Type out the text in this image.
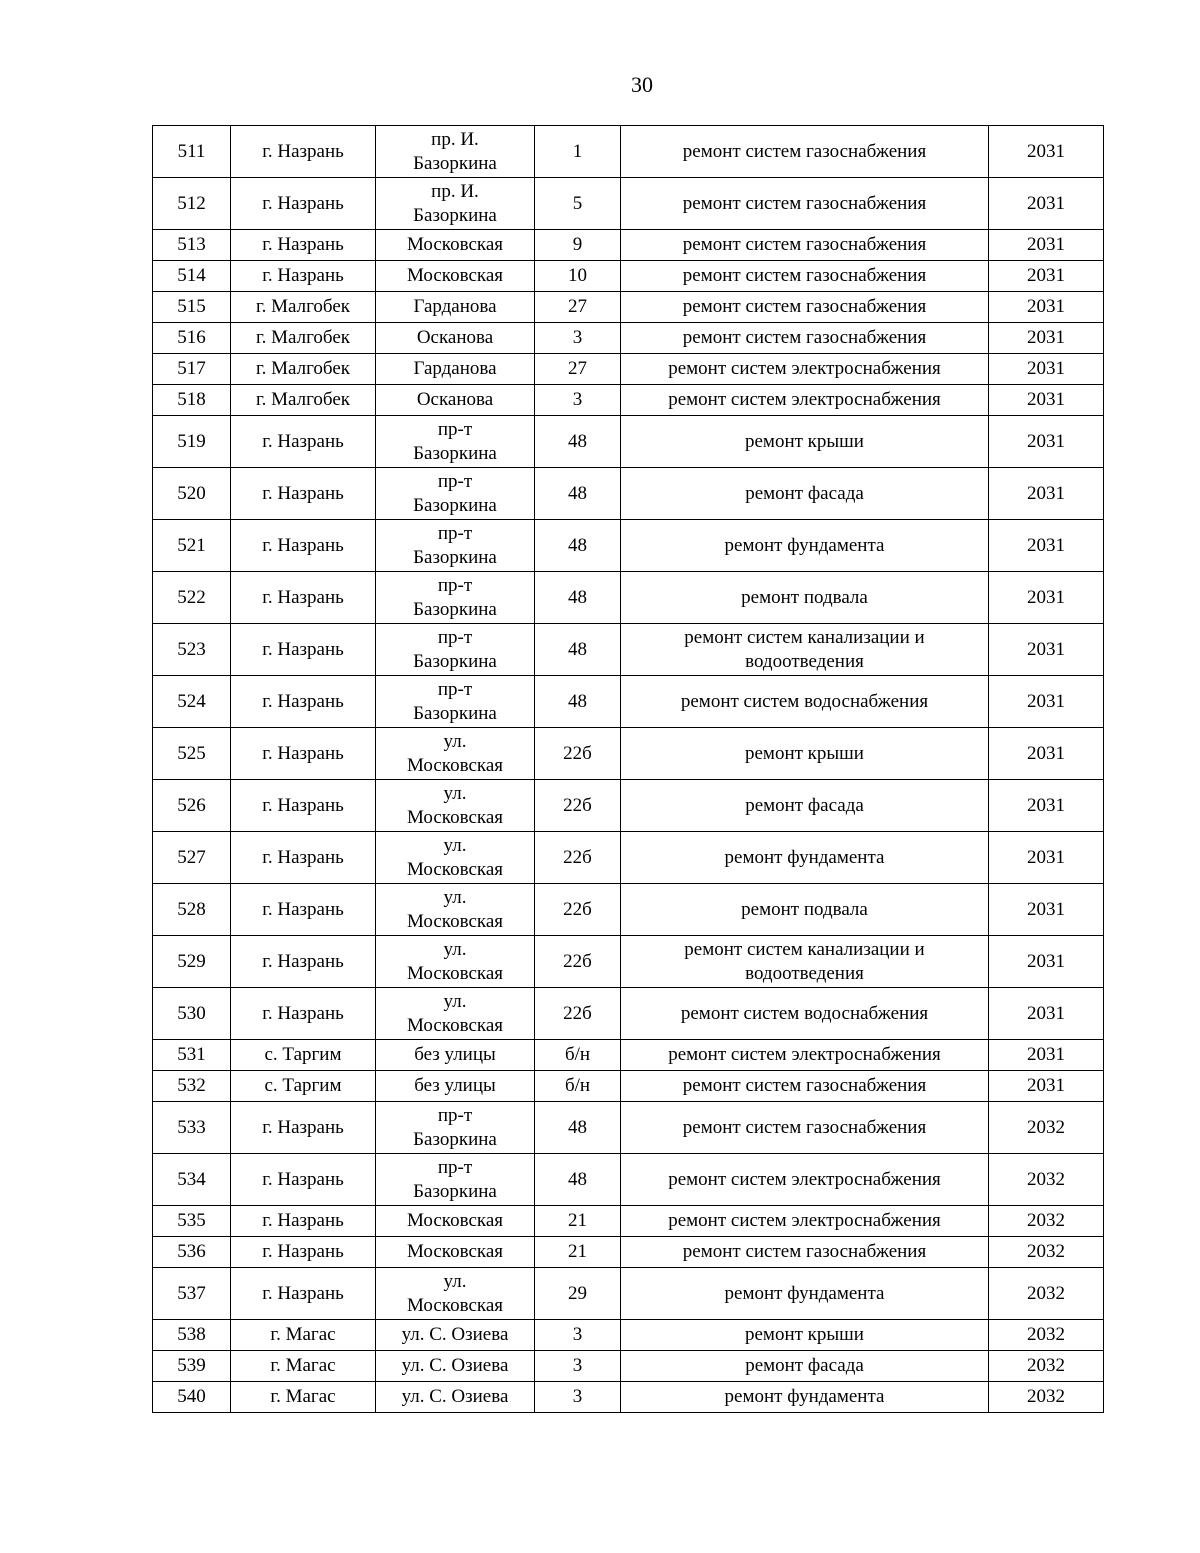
30
511	г. Назрань	пр. И.
Базоркина	1	ремонт систем газоснабжения	2031
512	г. Назрань	пр. И.
Базоркина	5	ремонт систем газоснабжения	2031
513	г. Назрань	Московская	9	ремонт систем газоснабжения	2031
514	г. Назрань	Московская	10	ремонт систем газоснабжения	2031
515	г. Малгобек	Гарданова	27	ремонт систем газоснабжения	2031
516	г. Малгобек	Осканова	3	ремонт систем газоснабжения	2031
517	г. Малгобек	Гарданова	27	ремонт систем электроснабжения	2031
518	г. Малгобек	Осканова	3	ремонт систем электроснабжения	2031
519	г. Назрань	пр-т
Базоркина	48	ремонт крыши	2031
520	г. Назрань	пр-т
Базоркина	48	ремонт фасада	2031
521	г. Назрань	пр-т
Базоркина	48	ремонт фундамента	2031
522	г. Назрань	пр-т
Базоркина	48	ремонт подвала	2031
523	г. Назрань	пр-т
Базоркина	48	ремонт систем канализации и
водоотведения	2031
524	г. Назрань	пр-т
Базоркина	48	ремонт систем водоснабжения	2031
525	г. Назрань	ул.
Московская	22б	ремонт крыши	2031
526	г. Назрань	ул.
Московская	22б	ремонт фасада	2031
527	г. Назрань	ул.
Московская	22б	ремонт фундамента	2031
528	г. Назрань	ул.
Московская	22б	ремонт подвала	2031
529	г. Назрань	ул.
Московская	22б	ремонт систем канализации и
водоотведения	2031
530	г. Назрань	ул.
Московская	22б	ремонт систем водоснабжения	2031
531	с. Таргим	без улицы	б/н	ремонт систем электроснабжения	2031
532	с. Таргим	без улицы	б/н	ремонт систем газоснабжения	2031
533	г. Назрань	пр-т
Базоркина	48	ремонт систем газоснабжения	2032
534	г. Назрань	пр-т
Базоркина	48	ремонт систем электроснабжения	2032
535	г. Назрань	Московская	21	ремонт систем электроснабжения	2032
536	г. Назрань	Московская	21	ремонт систем газоснабжения	2032
537	г. Назрань	ул.
Московская	29	ремонт фундамента	2032
538	г. Магас	ул. С. Озиева	3	ремонт крыши	2032
539	г. Магас	ул. С. Озиева	3	ремонт фасада	2032
540	г. Магас	ул. С. Озиева	3	ремонт фундамента	2032
